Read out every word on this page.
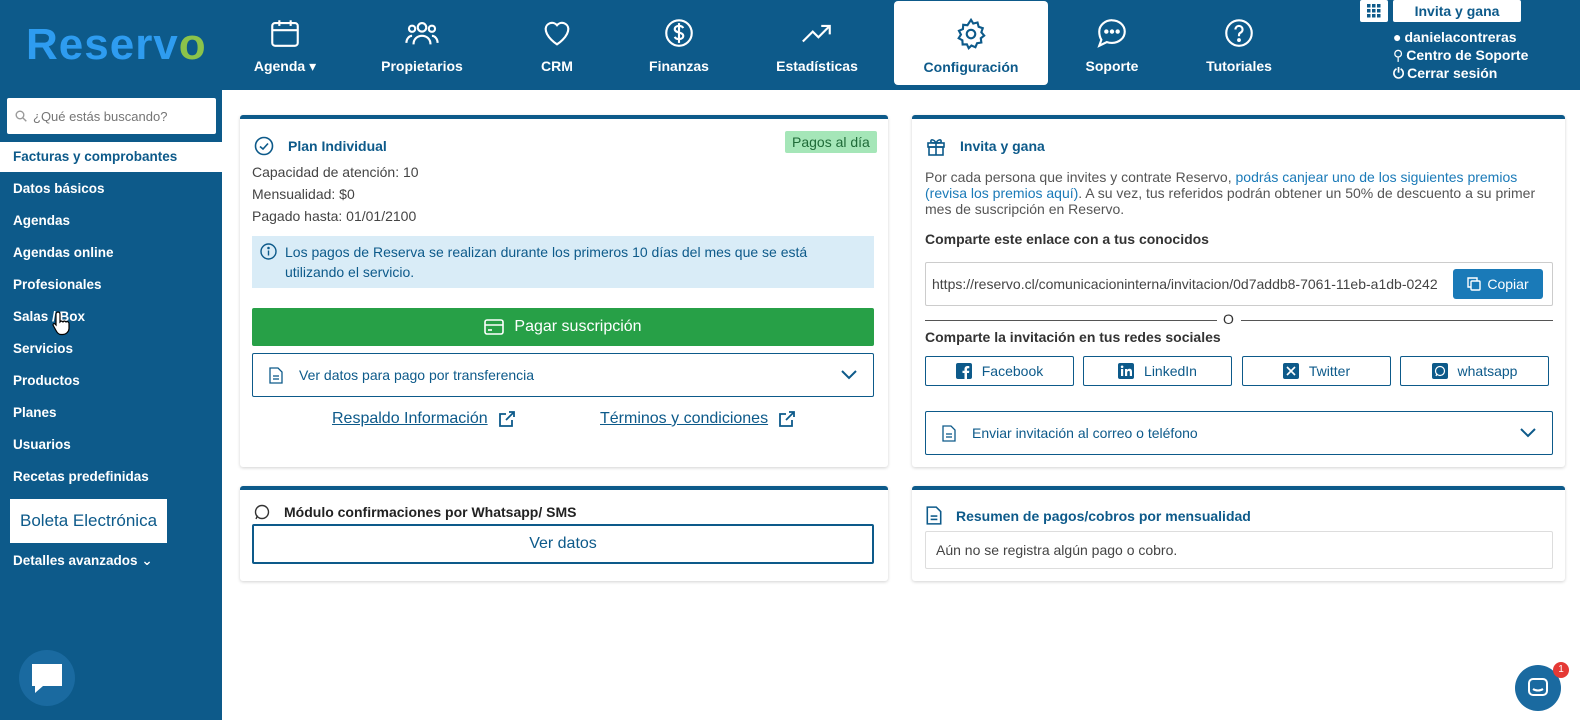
Reservo	Agenda ▾	Propietarios	CRM	Finanzas	Estadísticas	Configuración	Soporte	Tutoriales
Invita y gana
● danielacontreras
⚲ Centro de Soporte
⏻ Cerrar sesión
¿Qué estás buscando?
Facturas y comprobantes
Datos básicos
Agendas
Agendas online
Profesionales
Salas / Box
Servicios
Productos
Planes
Usuarios
Recetas predefinidas
Boleta Electrónica
Detalles avanzados ⌄
Plan Individual	Pagos al día
Capacidad de atención: 10
Mensualidad: $0
Pagado hasta: 01/01/2100
Los pagos de Reserva se realizan durante los primeros 10 días del mes que se está utilizando el servicio.
Pagar suscripción
Ver datos para pago por transferencia
Respaldo Información	Términos y condiciones
Invita y gana
Por cada persona que invites y contrate Reservo, podrás canjear uno de los siguientes premios (revisa los premios aquí). A su vez, tus referidos podrán obtener un 50% de descuento a su primer mes de suscripción en Reservo.
Comparte este enlace con a tus conocidos
https://reservo.cl/comunicacioninterna/invitacion/0d7addb8-7061-11eb-a1db-0242	Copiar
O
Comparte la invitación en tus redes sociales
Facebook	LinkedIn	Twitter	whatsapp
Enviar invitación al correo o teléfono
Módulo confirmaciones por Whatsapp/ SMS
Ver datos
Resumen de pagos/cobros por mensualidad
Aún no se registra algún pago o cobro.
1
